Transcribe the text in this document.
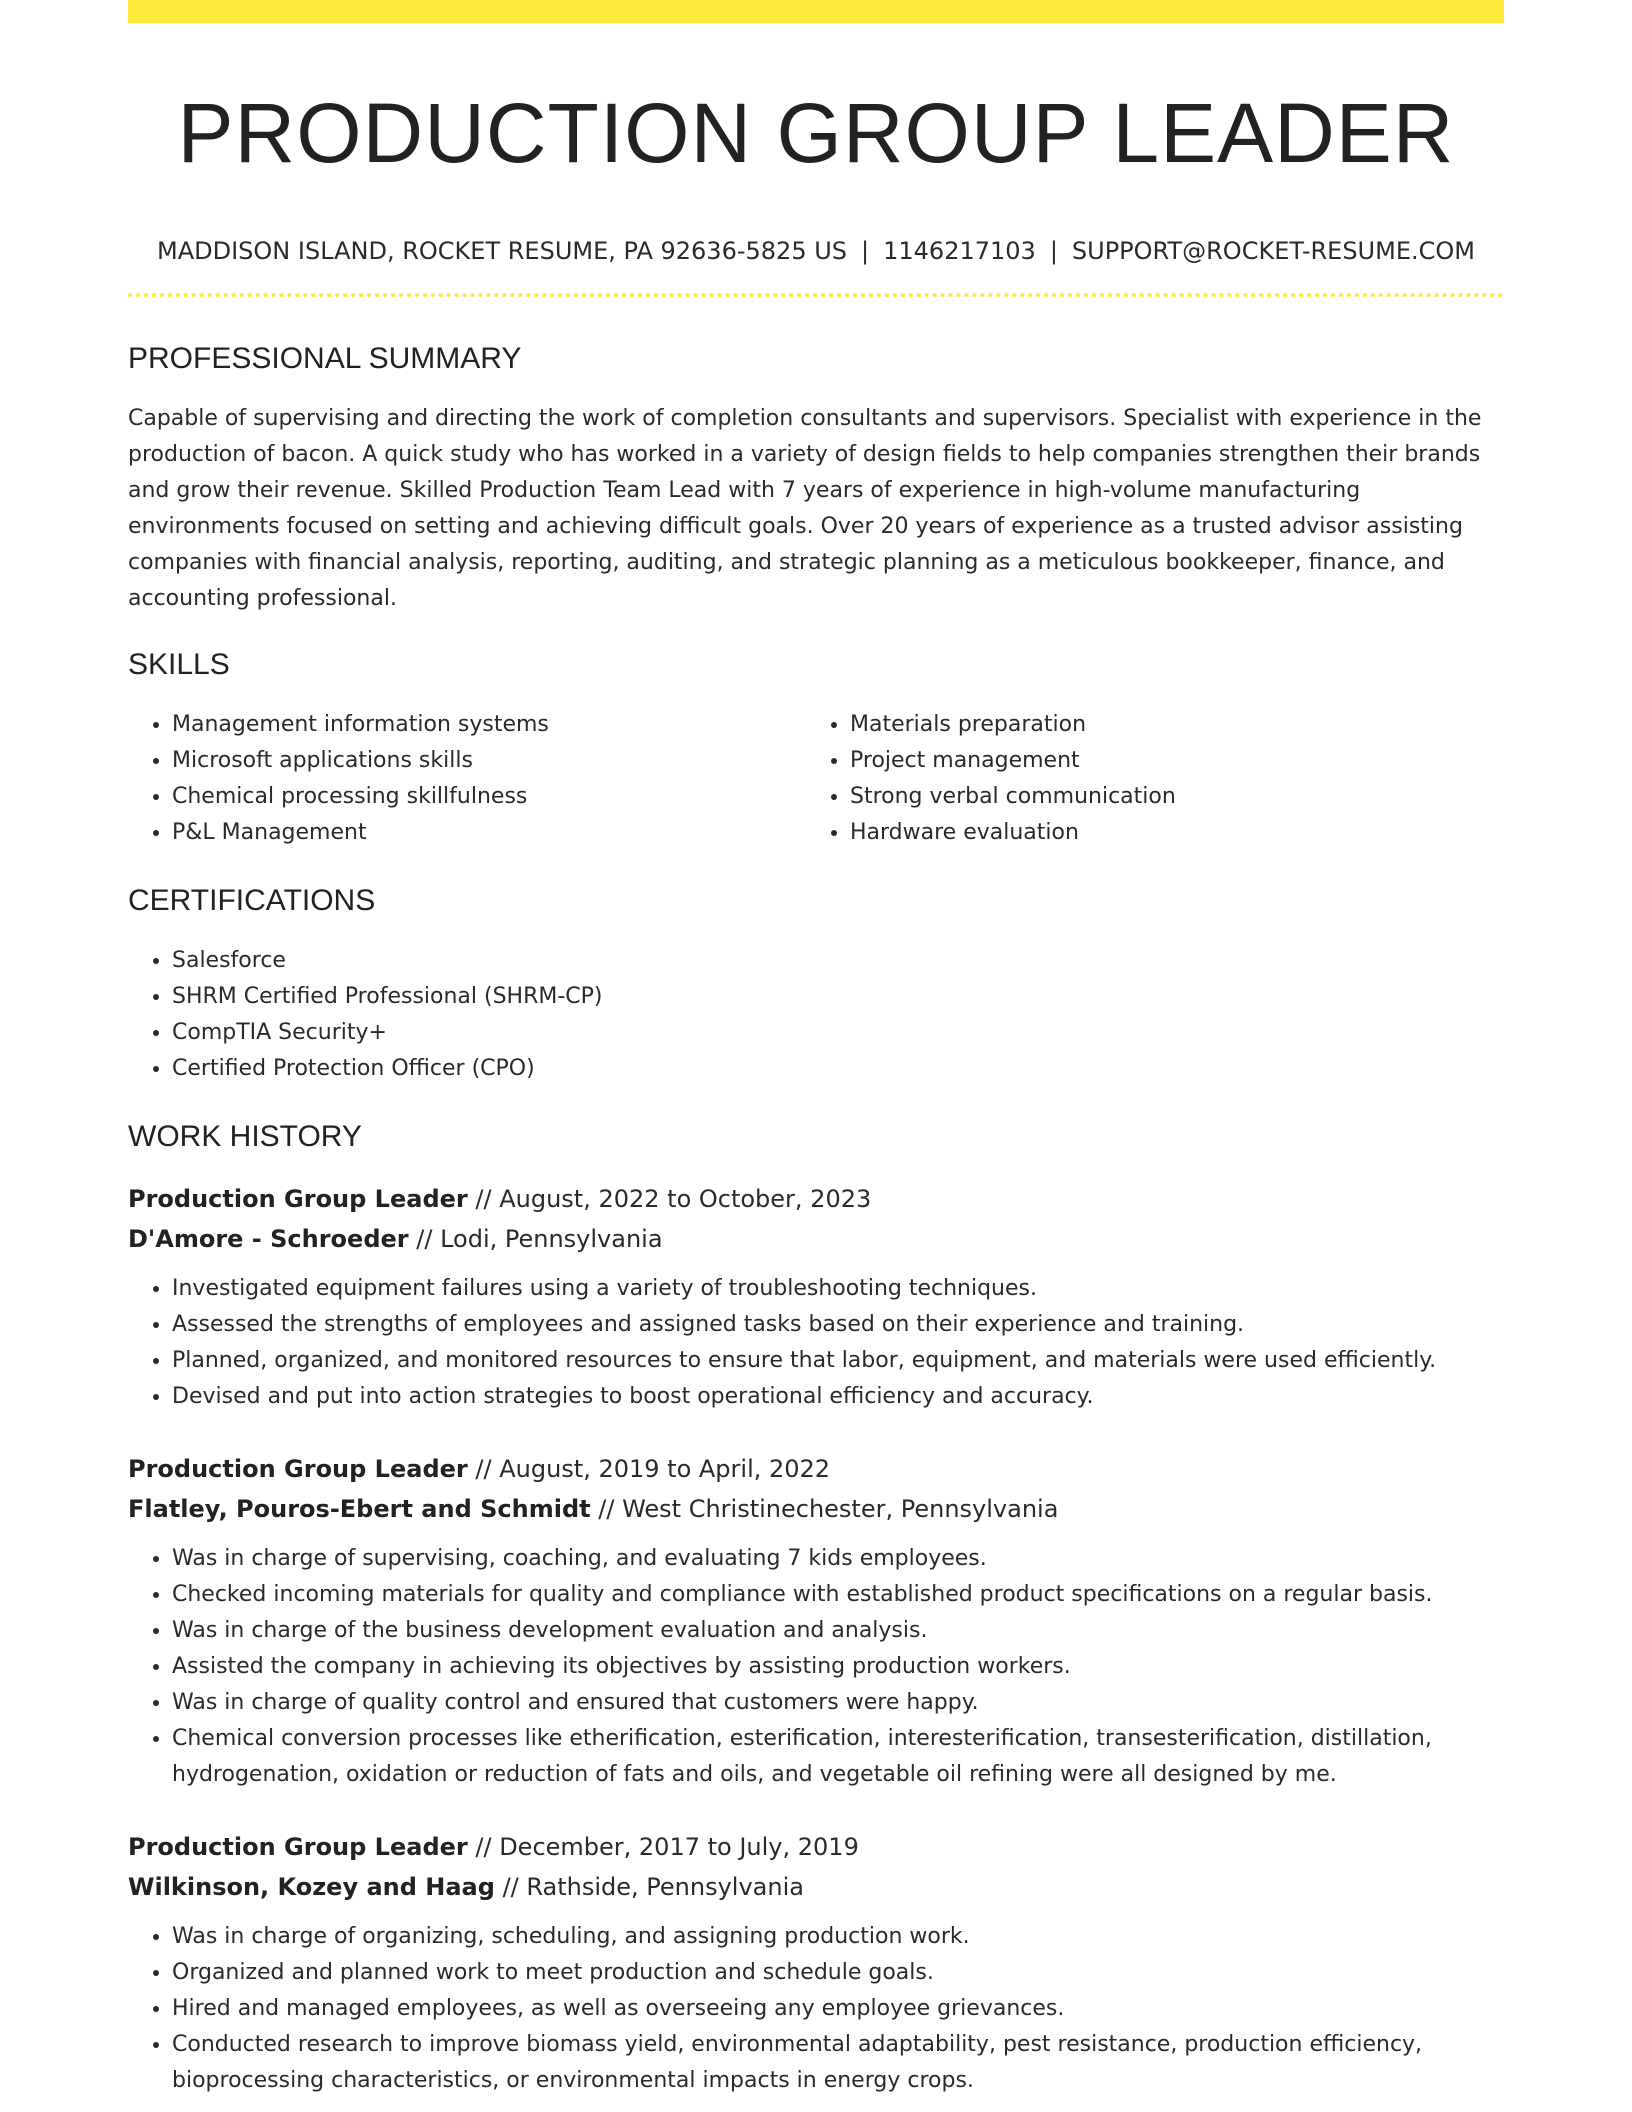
PRODUCTION GROUP LEADER
MADDISON ISLAND, ROCKET RESUME, PA 92636-5825 US | 1146217103 | SUPPORT@ROCKET-RESUME.COM
PROFESSIONAL SUMMARY

Capable of supervising and directing the work of completion consultants and supervisors. Specialist with experience in the production of bacon. A quick study who has worked in a variety of design fields to help companies strengthen their brands and grow their revenue. Skilled Production Team Lead with 7 years of experience in high-volume manufacturing environments focused on setting and achieving difficult goals. Over 20 years of experience as a trusted advisor assisting companies with financial analysis, reporting, auditing, and strategic planning as a meticulous bookkeeper, finance, and accounting professional.

SKILLS
• Management information systems
• Microsoft applications skills
• Chemical processing skillfulness
• P&L Management
• Materials preparation
• Project management
• Strong verbal communication
• Hardware evaluation
CERTIFICATIONS
• Salesforce
• SHRM Certified Professional (SHRM-CP)
• CompTIA Security+
• Certified Protection Officer (CPO)
WORK HISTORY
Production Group Leader // August, 2022 to October, 2023
D'Amore - Schroeder // Lodi, Pennsylvania
• Investigated equipment failures using a variety of troubleshooting techniques.
• Assessed the strengths of employees and assigned tasks based on their experience and training.
• Planned, organized, and monitored resources to ensure that labor, equipment, and materials were used efficiently.
• Devised and put into action strategies to boost operational efficiency and accuracy.
Production Group Leader // August, 2019 to April, 2022
Flatley, Pouros-Ebert and Schmidt // West Christinechester, Pennsylvania
• Was in charge of supervising, coaching, and evaluating 7 kids employees.
• Checked incoming materials for quality and compliance with established product specifications on a regular basis.
• Was in charge of the business development evaluation and analysis.
• Assisted the company in achieving its objectives by assisting production workers.
• Was in charge of quality control and ensured that customers were happy.
• Chemical conversion processes like etherification, esterification, interesterification, transesterification, distillation, hydrogenation, oxidation or reduction of fats and oils, and vegetable oil refining were all designed by me.
Production Group Leader // December, 2017 to July, 2019
Wilkinson, Kozey and Haag // Rathside, Pennsylvania
• Was in charge of organizing, scheduling, and assigning production work.
• Organized and planned work to meet production and schedule goals.
• Hired and managed employees, as well as overseeing any employee grievances.
• Conducted research to improve biomass yield, environmental adaptability, pest resistance, production efficiency, bioprocessing characteristics, or environmental impacts in energy crops.
